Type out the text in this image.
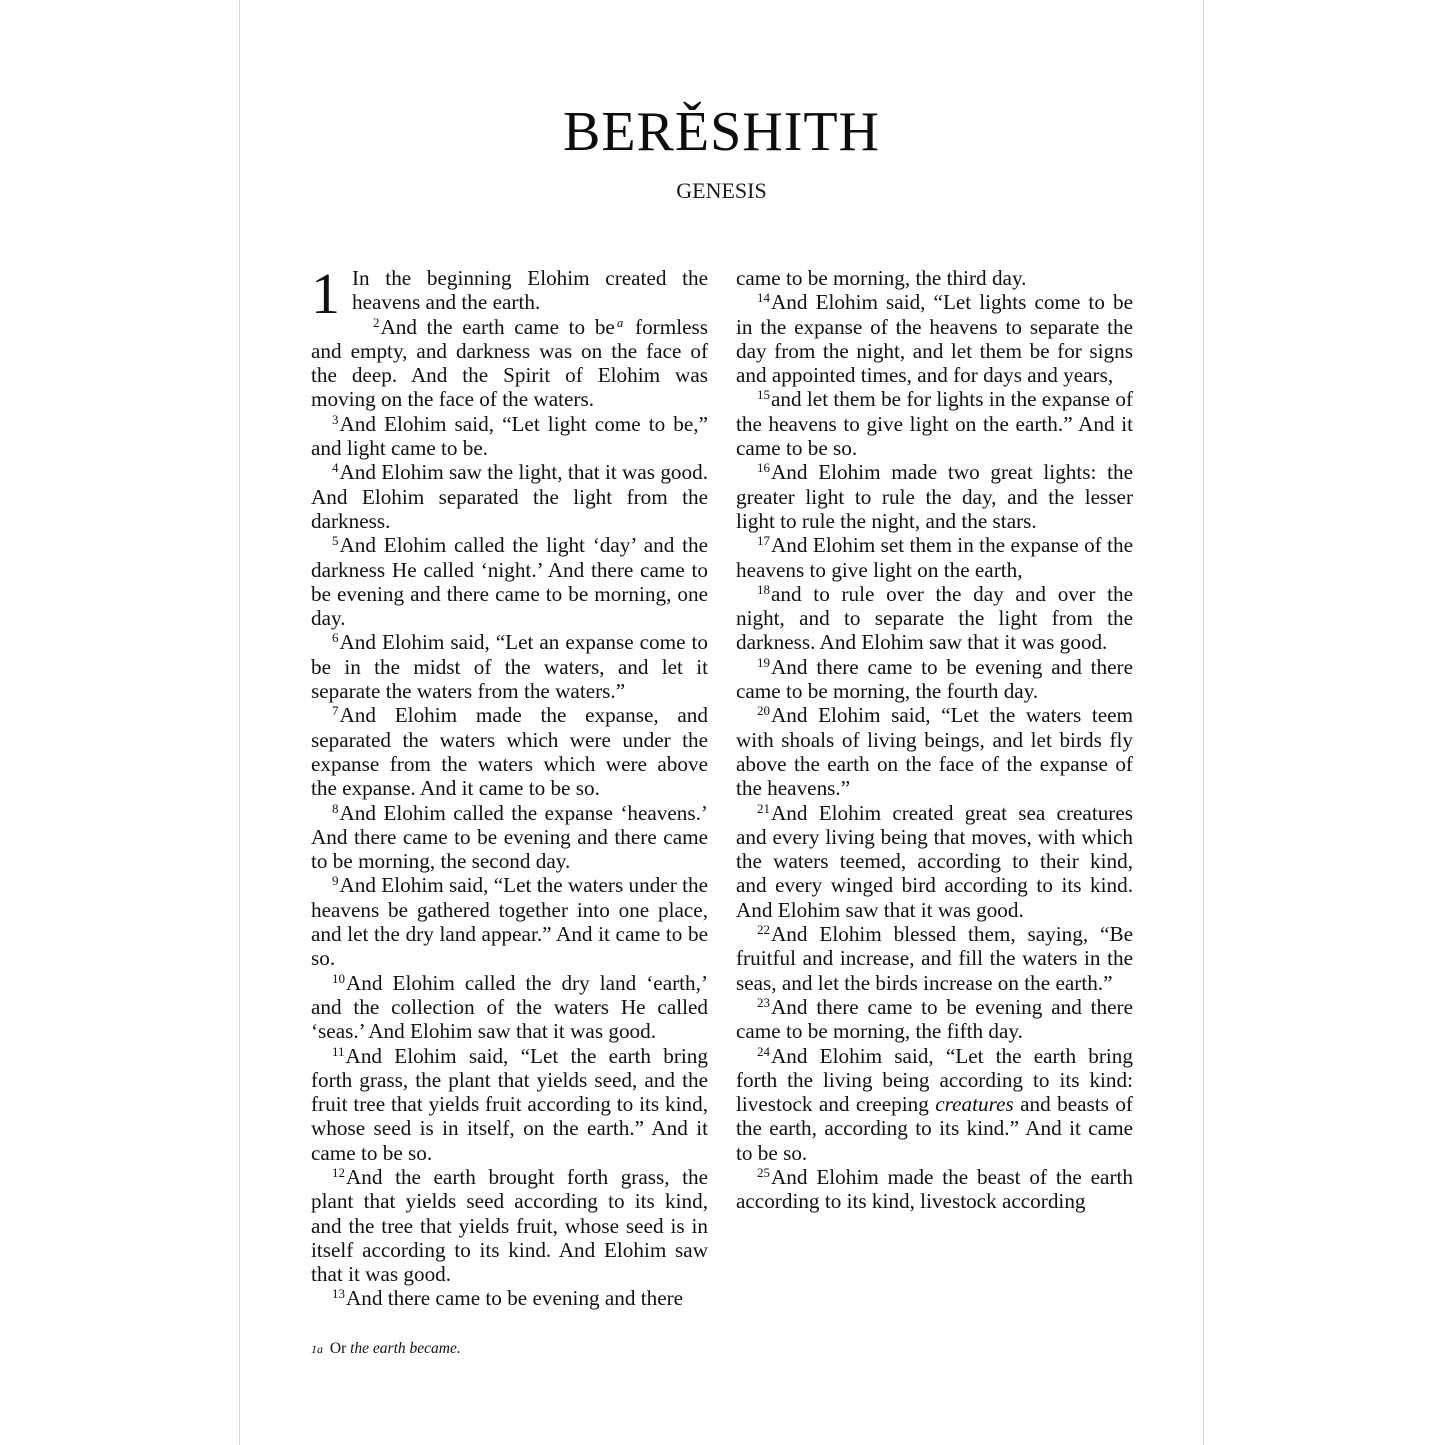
BERĚSHITH
GENESIS

1 In the beginning Elohim created the heavens and the earth.

$^2$And the earth came to be $^a$ formless and empty, and darkness was on the face of the deep. And the Spirit of Elohim was moving on the face of the waters.

$^3$And Elohim said, “Let light come to be,” and light came to be.

$^4$And Elohim saw the light, that it was good. And Elohim separated the light from the darkness.

$^5$And Elohim called the light ‘day’ and the darkness He called ‘night.’ And there came to be evening and there came to be morning, one day.

$^6$And Elohim said, “Let an expanse come to be in the midst of the waters, and let it separate the waters from the waters.”

$^7$And Elohim made the expanse, and separated the waters which were under the expanse from the waters which were above the expanse. And it came to be so.

$^8$And Elohim called the expanse ‘heavens.’ And there came to be evening and there came to be morning, the second day.

$^9$And Elohim said, “Let the waters under the heavens be gathered together into one place, and let the dry land appear.” And it came to be so.

$^{10}$And Elohim called the dry land ‘earth,’ and the collection of the waters He called ‘seas.’ And Elohim saw that it was good.

$^{11}$And Elohim said, “Let the earth bring forth grass, the plant that yields seed, and the fruit tree that yields fruit according to its kind, whose seed is in itself, on the earth.” And it came to be so.

$^{12}$And the earth brought forth grass, the plant that yields seed according to its kind, and the tree that yields fruit, whose seed is in itself according to its kind. And Elohim saw that it was good.

$^{13}$And there came to be evening and there

came to be morning, the third day.

$^{14}$And Elohim said, “Let lights come to be in the expanse of the heavens to separate the day from the night, and let them be for signs and appointed times, and for days and years,

$^{15}$and let them be for lights in the expanse of the heavens to give light on the earth.” And it came to be so.

$^{16}$And Elohim made two great lights: the greater light to rule the day, and the lesser light to rule the night, and the stars.

$^{17}$And Elohim set them in the expanse of the heavens to give light on the earth,

$^{18}$and to rule over the day and over the night, and to separate the light from the darkness. And Elohim saw that it was good.

$^{19}$And there came to be evening and there came to be morning, the fourth day.

$^{20}$And Elohim said, “Let the waters teem with shoals of living beings, and let birds fly above the earth on the face of the expanse of the heavens.”

$^{21}$And Elohim created great sea creatures and every living being that moves, with which the waters teemed, according to their kind, and every winged bird according to its kind. And Elohim saw that it was good.

$^{22}$And Elohim blessed them, saying, “Be fruitful and increase, and fill the waters in the seas, and let the birds increase on the earth.”

$^{23}$And there came to be evening and there came to be morning, the fifth day.

$^{24}$And Elohim said, “Let the earth bring forth the living being according to its kind: livestock and creeping creatures and beasts of the earth, according to its kind.” And it came to be so.

$^{25}$And Elohim made the beast of the earth according to its kind, livestock according

1a Or the earth became.
